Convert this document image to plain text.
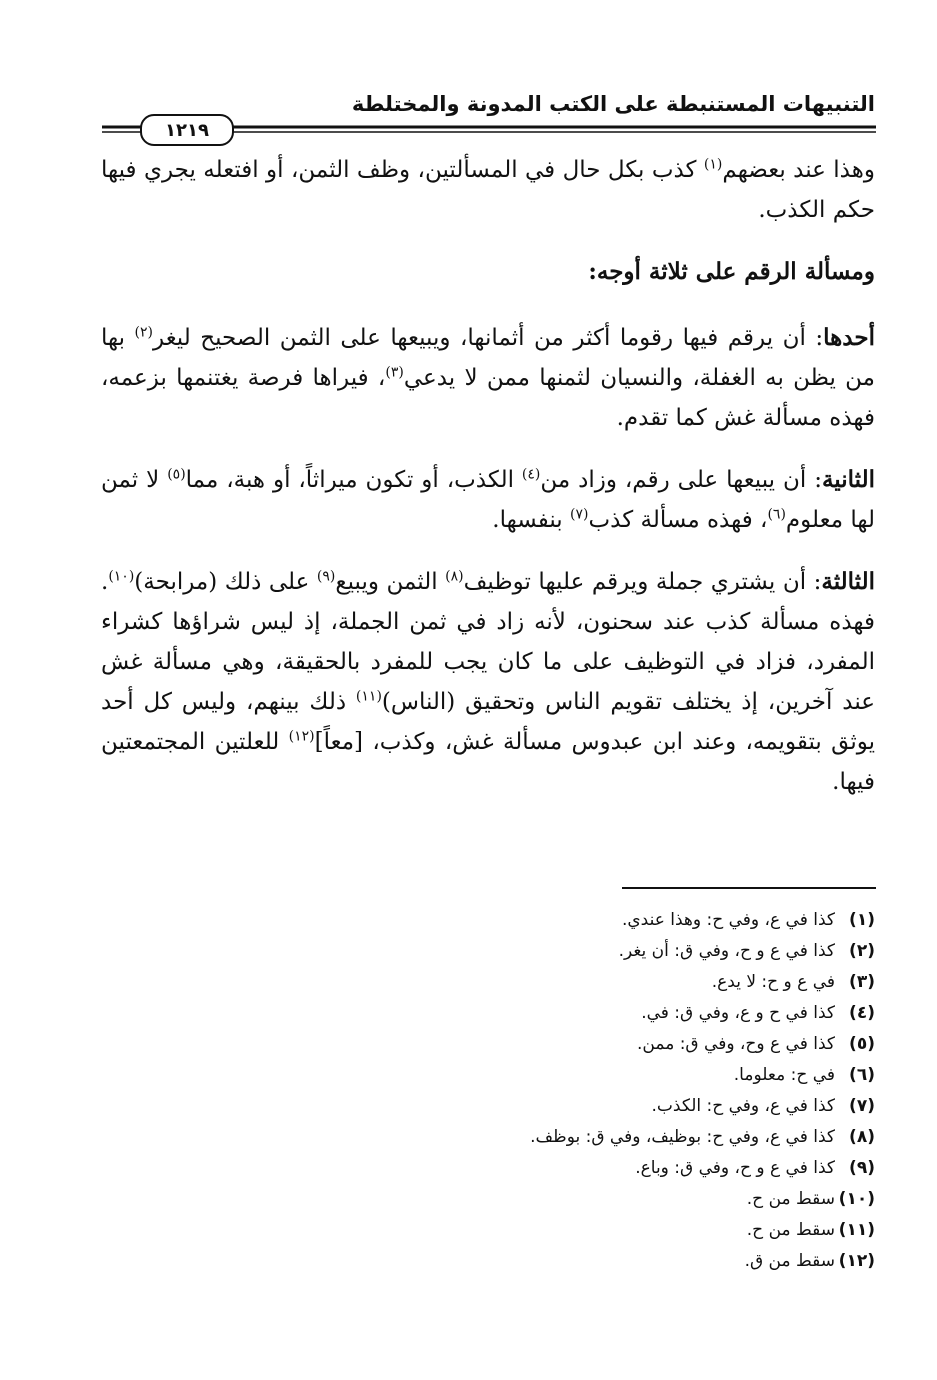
التنبيهات المستنبطة على الكتب المدونة والمختلطة
١٢١٩

وهذا عند بعضهم$^{(١)}$ كذب بكل حال في المسألتين، وظف الثمن، أو افتعله يجري فيها حكم الكذب.

ومسألة الرقم على ثلاثة أوجه:

أحدها: أن يرقم فيها رقوما أكثر من أثمانها، ويبيعها على الثمن الصحيح ليغر$^{(٢)}$ بها من يظن به الغفلة، والنسيان لثمنها ممن لا يدعي$^{(٣)}$، فيراها فرصة يغتنمها بزعمه، فهذه مسألة غش كما تقدم.

الثانية: أن يبيعها على رقم، وزاد من$^{(٤)}$ الكذب، أو تكون ميراثاً، أو هبة، مما$^{(٥)}$ لا ثمن لها معلوم$^{(٦)}$، فهذه مسألة كذب$^{(٧)}$ بنفسها.

الثالثة: أن يشتري جملة ويرقم عليها توظيف$^{(٨)}$ الثمن ويبيع$^{(٩)}$ على ذلك (مرابحة)$^{(١٠)}$. فهذه مسألة كذب عند سحنون، لأنه زاد في ثمن الجملة، إذ ليس شراؤها كشراء المفرد، فزاد في التوظيف على ما كان يجب للمفرد بالحقيقة، وهي مسألة غش عند آخرين، إذ يختلف تقويم الناس وتحقيق (الناس)$^{(١١)}$ ذلك بينهم، وليس كل أحد يوثق بتقويمه، وعند ابن عبدوس مسألة غش، وكذب، [معاً]$^{(١٢)}$ للعلتين المجتمعتين فيها.

(١)
كذا في ع، وفي ح: وهذا عندي.
(٢)
كذا في ع و ح، وفي ق: أن يغر.
(٣)
في ع و ح: لا يدع.
(٤)
كذا في ح و ع، وفي ق: في.
(٥)
كذا في ع وح، وفي ق: ممن.
(٦)
في ح: معلوما.
(٧)
كذا في ع، وفي ح: الكذب.
(٨)
كذا في ع، وفي ح: بوظيف، وفي ق: بوظف.
(٩)
كذا في ع و ح، وفي ق: وباع.
(١٠)
سقط من ح.
(١١)
سقط من ح.
(١٢)
سقط من ق.
